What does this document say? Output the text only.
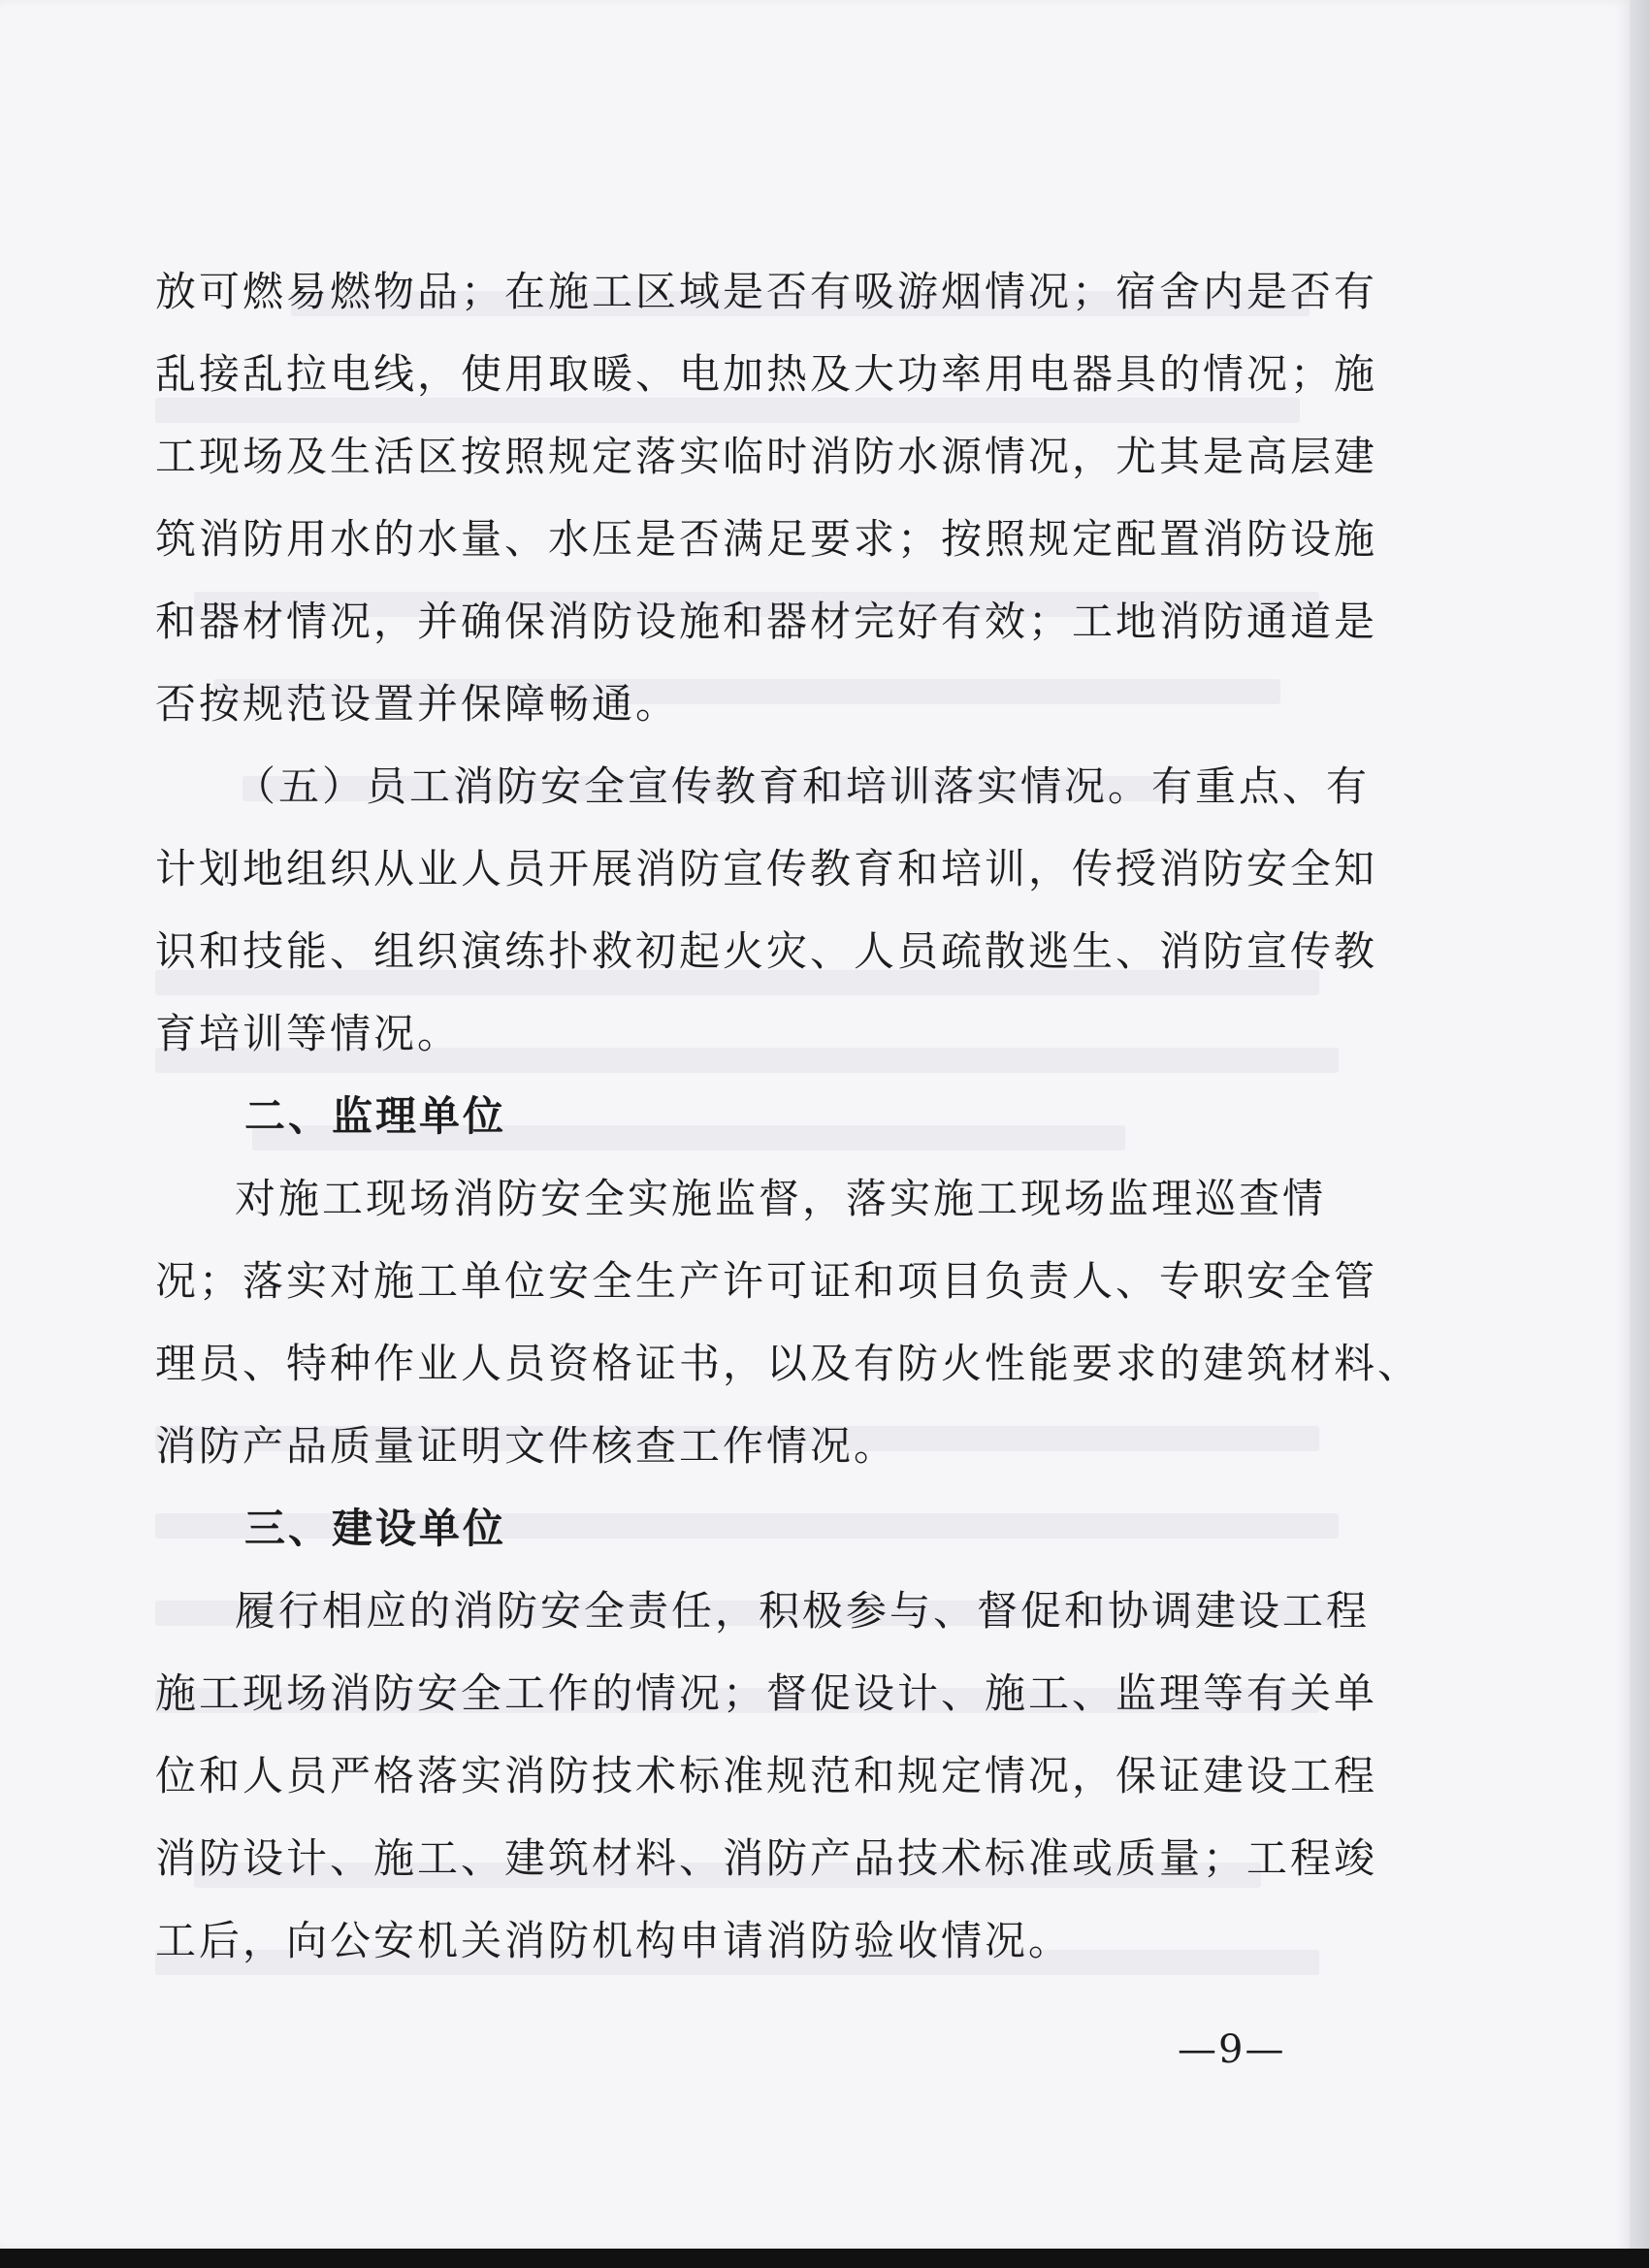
放可燃易燃物品；在施工区域是否有吸游烟情况；宿舍内是否有

乱接乱拉电线，使用取暖、电加热及大功率用电器具的情况；施

工现场及生活区按照规定落实临时消防水源情况，尤其是高层建

筑消防用水的水量、水压是否满足要求；按照规定配置消防设施

和器材情况，并确保消防设施和器材完好有效；工地消防通道是

否按规范设置并保障畅通。

（五）员工消防安全宣传教育和培训落实情况。有重点、有

计划地组织从业人员开展消防宣传教育和培训，传授消防安全知

识和技能、组织演练扑救初起火灾、人员疏散逃生、消防宣传教

育培训等情况。

二、监理单位

对施工现场消防安全实施监督，落实施工现场监理巡查情

况；落实对施工单位安全生产许可证和项目负责人、专职安全管

理员、特种作业人员资格证书，以及有防火性能要求的建筑材料、

消防产品质量证明文件核查工作情况。

三、建设单位

履行相应的消防安全责任，积极参与、督促和协调建设工程

施工现场消防安全工作的情况；督促设计、施工、监理等有关单

位和人员严格落实消防技术标准规范和规定情况，保证建设工程

消防设计、施工、建筑材料、消防产品技术标准或质量；工程竣

工后，向公安机关消防机构申请消防验收情况。

—9—
